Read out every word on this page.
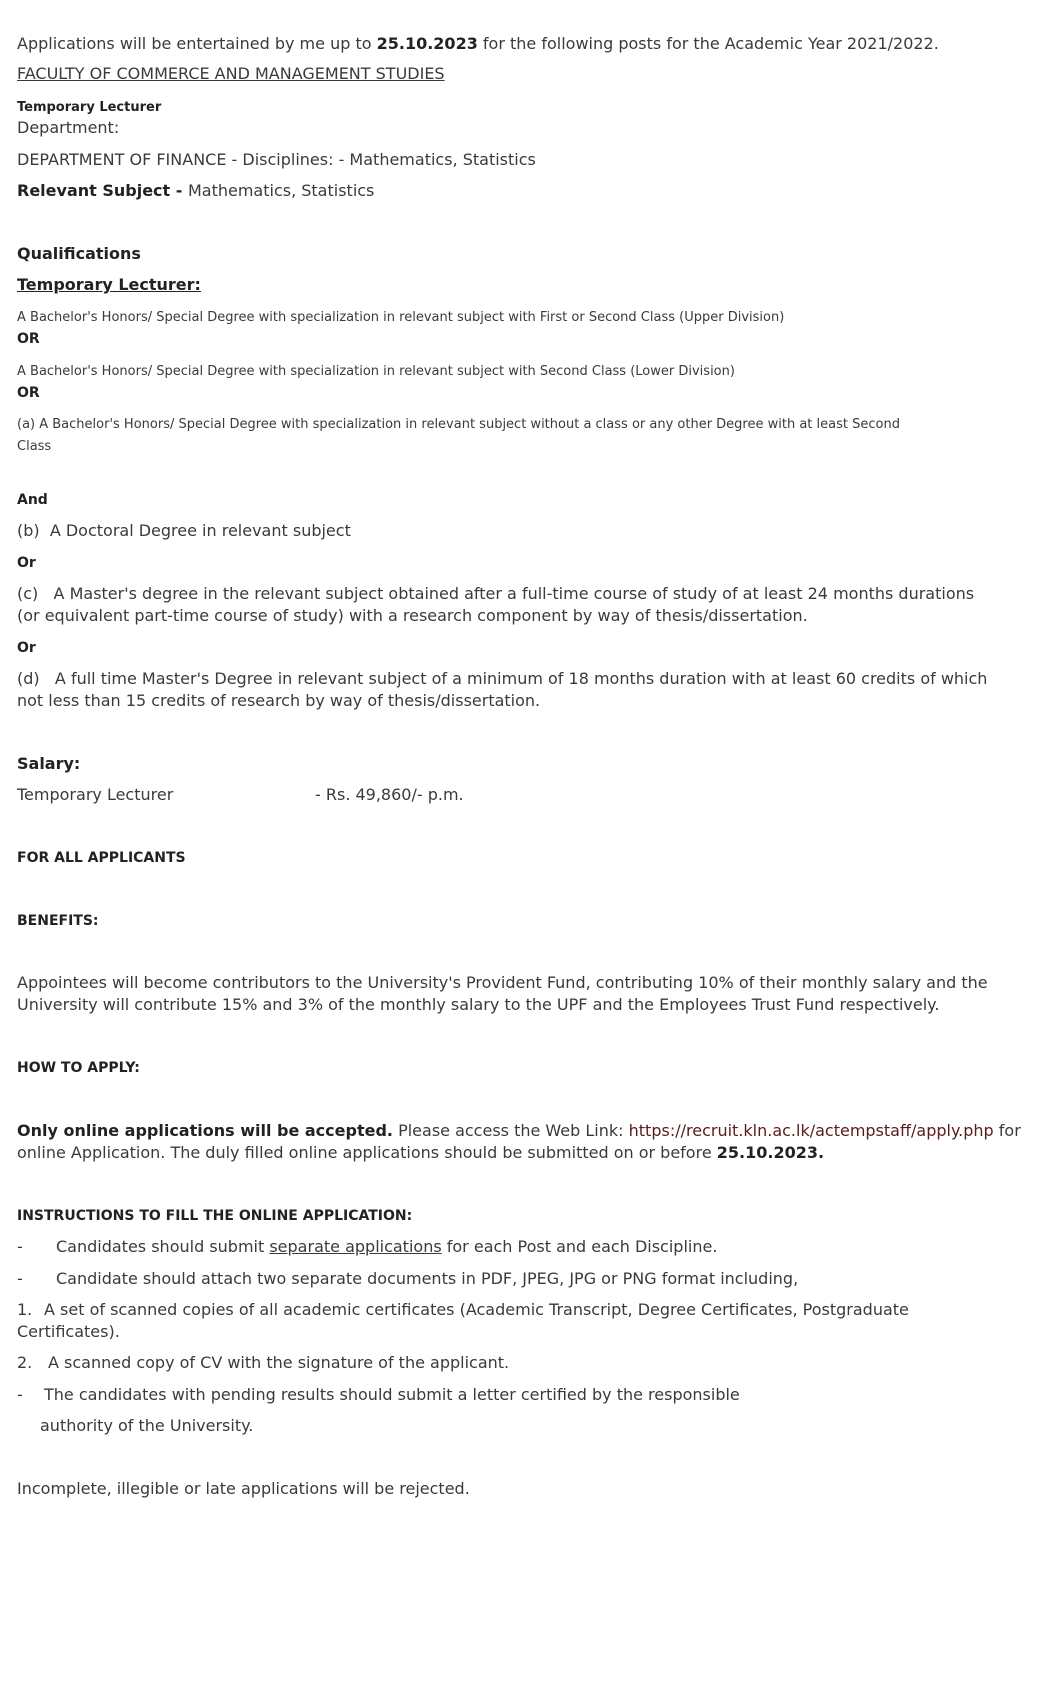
Applications will be entertained by me up to 25.10.2023 for the following posts for the Academic Year 2021/2022.
FACULTY OF COMMERCE AND MANAGEMENT STUDIES
Temporary Lecturer
Department:
DEPARTMENT OF FINANCE - Disciplines: - Mathematics, Statistics
Relevant Subject - Mathematics, Statistics
Qualifications
Temporary Lecturer:
A Bachelor's Honors/ Special Degree with specialization in relevant subject with First or Second Class (Upper Division)
OR
A Bachelor's Honors/ Special Degree with specialization in relevant subject with Second Class (Lower Division)
OR
(a) A Bachelor's Honors/ Special Degree with specialization in relevant subject without a class or any other Degree with at least Second
Class
And
(b) A Doctoral Degree in relevant subject
Or
(c) A Master's degree in the relevant subject obtained after a full-time course of study of at least 24 months durations
(or equivalent part-time course of study) with a research component by way of thesis/dissertation.
Or
(d) A full time Master's Degree in relevant subject of a minimum of 18 months duration with at least 60 credits of which
not less than 15 credits of research by way of thesis/dissertation.
Salary:
Temporary Lecturer	- Rs. 49,860/- p.m.
FOR ALL APPLICANTS
BENEFITS:
Appointees will become contributors to the University's Provident Fund, contributing 10% of their monthly salary and the
University will contribute 15% and 3% of the monthly salary to the UPF and the Employees Trust Fund respectively.
HOW TO APPLY:
Only online applications will be accepted. Please access the Web Link: https://recruit.kln.ac.lk/actempstaff/apply.php for
online Application. The duly filled online applications should be submitted on or before 25.10.2023.
INSTRUCTIONS TO FILL THE ONLINE APPLICATION:
- Candidates should submit separate applications for each Post and each Discipline.
- Candidate should attach two separate documents in PDF, JPEG, JPG or PNG format including,
1. A set of scanned copies of all academic certificates (Academic Transcript, Degree Certificates, Postgraduate
Certificates).
2. A scanned copy of CV with the signature of the applicant.
- The candidates with pending results should submit a letter certified by the responsible
authority of the University.
Incomplete, illegible or late applications will be rejected.
